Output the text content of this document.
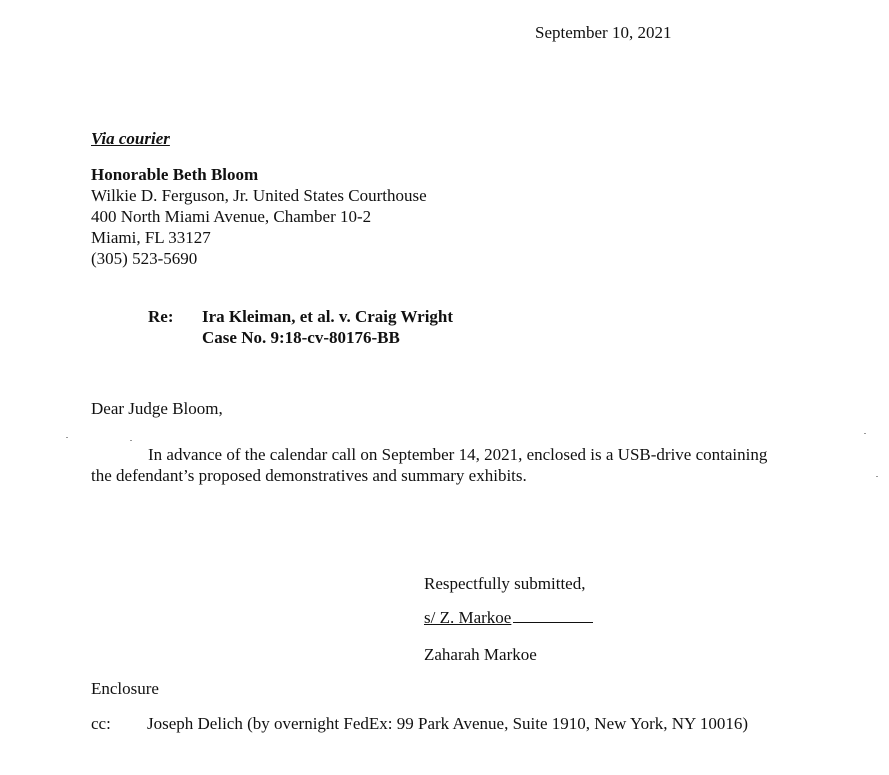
September 10, 2021
Via courier
Honorable Beth Bloom
Wilkie D. Ferguson, Jr. United States Courthouse
400 North Miami Avenue, Chamber 10-2
Miami, FL 33127
(305) 523-5690
Re: Ira Kleiman, et al. v. Craig Wright
Case No. 9:18-cv-80176-BB
Dear Judge Bloom,
In advance of the calendar call on September 14, 2021, enclosed is a USB-drive containing
the defendant’s proposed demonstratives and summary exhibits.
Respectfully submitted,
s/ Z. Markoe
Zaharah Markoe
Enclosure
cc: Joseph Delich (by overnight FedEx: 99 Park Avenue, Suite 1910, New York, NY 10016)
